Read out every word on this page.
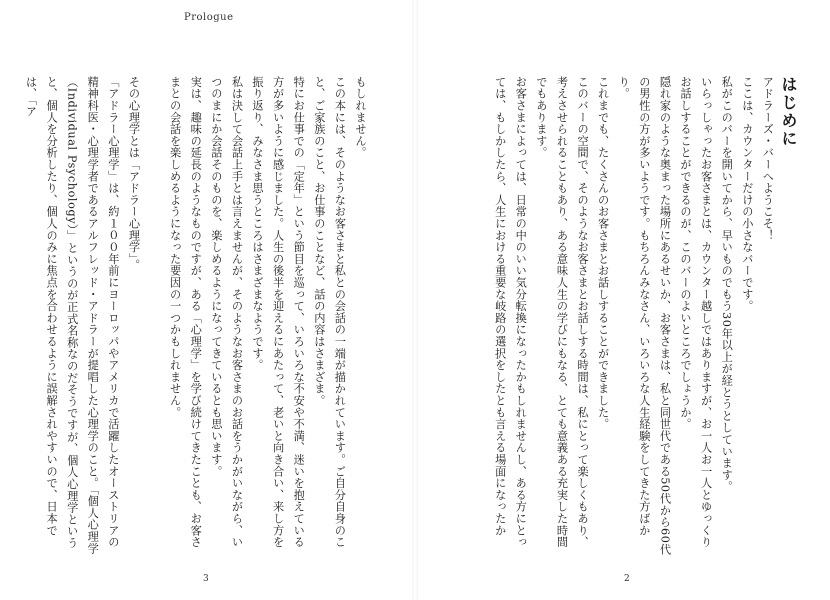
Prologue
はじめに
アドラーズ・バーへようこそ！
ここは、カウンターだけの小さなバーです。
私がこのバーを開いてから、早いものでもう30年以上が経とうとしています。
いらっしゃったお客さまとは、カウンター越しではありますが、お一人お一人とゆっくりお話しすることができるのが、このバーのよいところでしょうか。
隠れ家のような奥まった場所にあるせいか、お客さまは、私と同世代である50代から60代の男性の方が多いようです。もちろんみなさん、いろいろな人生経験をしてきた方ばかり。
これまでも、たくさんのお客さまとお話しすることができました。
このバーの空間で、そのようなお客さまとお話しする時間は、私にとって楽しくもあり、考えさせられることもあり、ある意味人生の学びにもなる、とても意義ある充実した時間でもあります。
お客さまによっては、日常の中のいい気分転換になったかもしれませんし、ある方にとっては、もしかしたら、人生における重要な岐路の選択をしたとも言える場面になったか
もしれません。
この本には、そのようなお客さまと私との会話の一端が描かれています。ご自分自身のこと、ご家族のこと、お仕事のことなど、話の内容はさまざま。
特にお仕事での「定年」という節目を巡って、いろいろな不安や不満、迷いを抱えている方が多いように感じました。人生の後半を迎えるにあたって、老いと向き合い、来し方を振り返り、みなさま思うところはさまざまなようです。
私は決して会話上手とは言えませんが、そのようなお客さまのお話をうかがいながら、いつのまにか会話そのものを、楽しめるようになってきているとも思います。
実は、趣味の延長のようなものですが、ある「心理学」を学び続けてきたことも、お客さまとの会話を楽しめるようになった要因の一つかもしれません。
その心理学とは「アドラー心理学」。
「アドラー心理学」は、約１００年前にヨーロッパやアメリカで活躍したオーストリアの精神科医・心理学者であるアルフレッド・アドラーが提唱した心理学のこと。「個人心理学（Individual Psychology）」というのが正式名称なのだそうですが、個人心理学というと、個人を分析したり、個人のみに焦点を合わせるように誤解されやすいので、日本では、「ア
3	2
